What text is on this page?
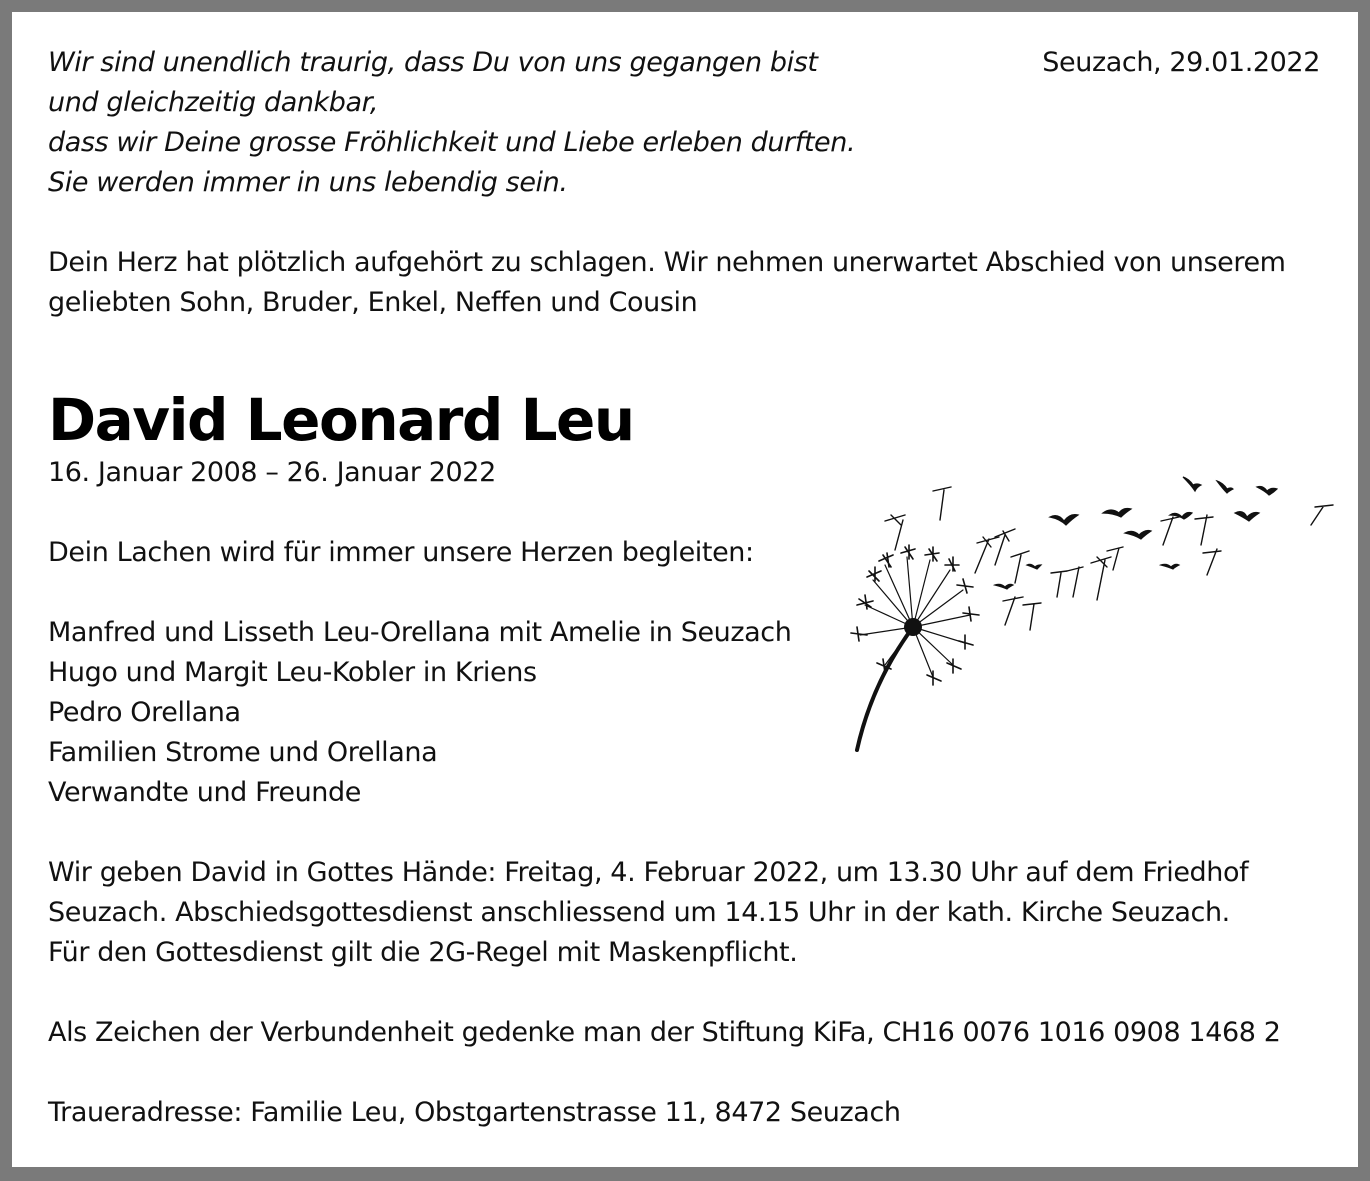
Seuzach, 29.01.2022
Wir sind unendlich traurig, dass Du von uns gegangen bist
und gleichzeitig dankbar,
dass wir Deine grosse Fröhlichkeit und Liebe erleben durften.
Sie werden immer in uns lebendig sein.
Dein Herz hat plötzlich aufgehört zu schlagen. Wir nehmen unerwartet Abschied von unserem
geliebten Sohn, Bruder, Enkel, Neffen und Cousin
David Leonard Leu
16. Januar 2008 – 26. Januar 2022
Dein Lachen wird für immer unsere Herzen begleiten:
Manfred und Lisseth Leu-Orellana mit Amelie in Seuzach
Hugo und Margit Leu-Kobler in Kriens
Pedro Orellana
Familien Strome und Orellana
Verwandte und Freunde
Wir geben David in Gottes Hände: Freitag, 4. Februar 2022, um 13.30 Uhr auf dem Friedhof
Seuzach. Abschiedsgottesdienst anschliessend um 14.15 Uhr in der kath. Kirche Seuzach.
Für den Gottesdienst gilt die 2G-Regel mit Maskenpflicht.
Als Zeichen der Verbundenheit gedenke man der Stiftung KiFa, CH16 0076 1016 0908 1468 2
Traueradresse: Familie Leu, Obstgartenstrasse 11, 8472 Seuzach
